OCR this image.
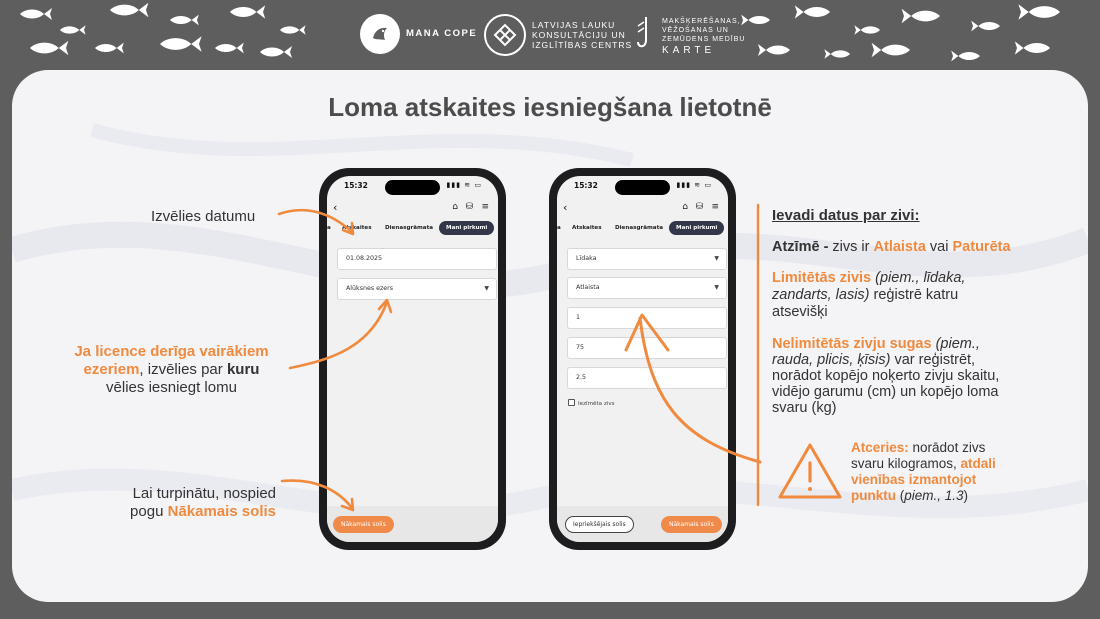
MANA COPE
LATVIJAS LAUKU
KONSULTĀCIJU UN
IZGLĪTĪBAS CENTRS
MAKŠĶERĒŠANAS,
VĒŽOŠANAS UN
ZEMŪDENS MEDĪBU
KARTE
Loma atskaites iesniegšana lietotnē
15:32	▮▮▮ ≋ ▭
‹	⌂ ⛁ ≡
a Atskaites Dienasgrāmata	Mani pirkumi
01.08.2025
Alūksnes ezers	▼
Nākamais solis
15:32	▮▮▮ ≋ ▭
‹	⌂ ⛁ ≡
a Atskaites Dienasgrāmata	Mani pirkumi
Līdaka	▼
Atlaista	▼
1
75
2.5
Iezīmēta zivs
Iepriekšējais solis	Nākamais solis
Izvēlies datumu
Ja licence derīga vairākiem
ezeriem, izvēlies par kuru
vēlies iesniegt lomu
Lai turpinātu, nospied
pogu Nākamais solis
Ievadi datus par zivi:
Atzīmē - zivs ir Atlaista vai Paturēta
Limitētās zivis (piem., līdaka,
zandarts, lasis) reģistrē katru
atsevišķi
Nelimitētās zivju sugas (piem.,
rauda, plicis, ķīsis) var reģistrēt,
norādot kopējo noķerto zivju skaitu,
vidējo garumu (cm) un kopējo loma
svaru (kg)
Atceries: norādot zivs
svaru kilogramos, atdali
vienības izmantojot
punktu (piem., 1.3)
